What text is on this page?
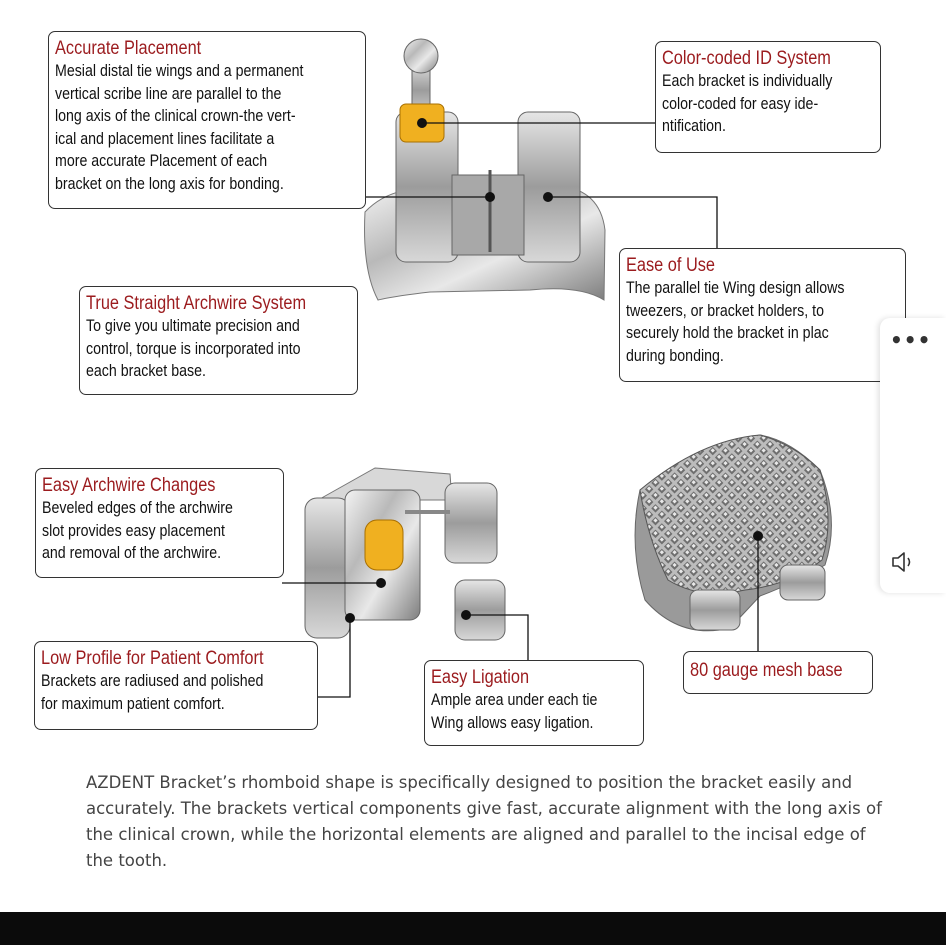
Accurate Placement
Mesial distal tie wings and a permanent
vertical scribe line are parallel to the
long axis of the clinical crown-the vert-
ical and placement lines facilitate a
more accurate Placement of each
bracket on the long axis for bonding.
Color-coded ID System
Each bracket is individually
color-coded for easy ide-
ntification.
Ease of Use
The parallel tie Wing design allows
tweezers, or bracket holders, to
securely hold the bracket in plac
during bonding.
True Straight Archwire System
To give you ultimate precision and
control, torque is incorporated into
each bracket base.
Easy Archwire Changes
Beveled edges of the archwire
slot provides easy placement
and removal of the archwire.
Low Profile for Patient Comfort
Brackets are radiused and polished
for maximum patient comfort.
Easy Ligation
Ample area under each tie
Wing allows easy ligation.
80 gauge mesh base
AZDENT Bracket’s rhomboid shape is specifically designed to position the bracket easily and accurately. The brackets vertical components give fast, accurate alignment with the long axis of the clinical crown, while the horizontal elements are aligned and parallel to the incisal edge of the tooth.
•••
